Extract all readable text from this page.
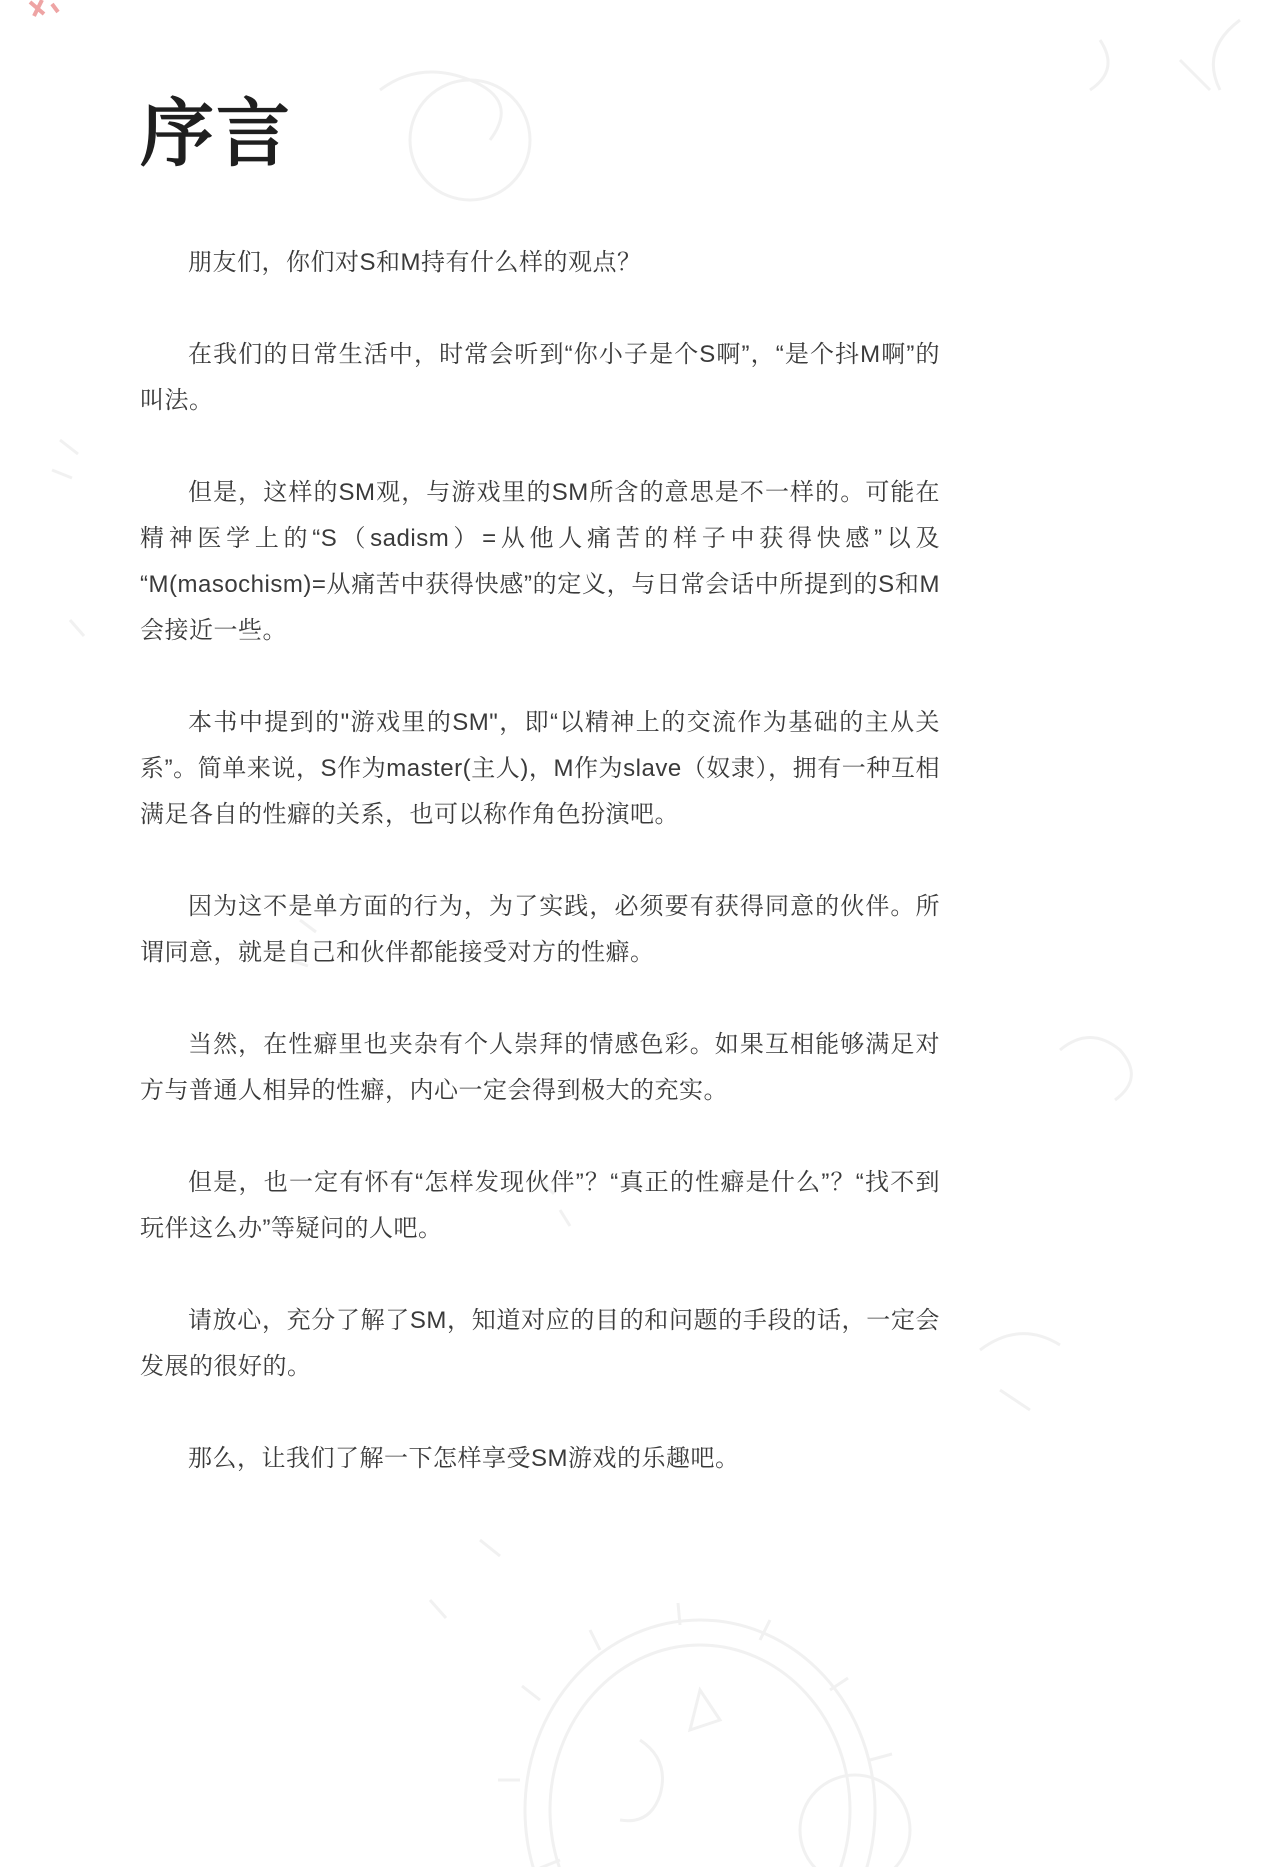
序言

朋友们，你们对S和M持有什么样的观点？

在我们的日常生活中，时常会听到“你小子是个S啊”，“是个抖M啊”的叫法。

但是，这样的SM观，与游戏里的SM所含的意思是不一样的。可能在精神医学上的“S（sadism）=从他人痛苦的样子中获得快感”以及“M(masochism)=从痛苦中获得快感”的定义，与日常会话中所提到的S和M会接近一些。

本书中提到的"游戏里的SM"，即“以精神上的交流作为基础的主从关系”。简单来说，S作为master(主人)，M作为slave（奴隶），拥有一种互相满足各自的性癖的关系，也可以称作角色扮演吧。

因为这不是单方面的行为，为了实践，必须要有获得同意的伙伴。所谓同意，就是自己和伙伴都能接受对方的性癖。

当然，在性癖里也夹杂有个人崇拜的情感色彩。如果互相能够满足对方与普通人相异的性癖，内心一定会得到极大的充实。

但是，也一定有怀有“怎样发现伙伴”？“真正的性癖是什么”？“找不到玩伴这么办”等疑问的人吧。

请放心，充分了解了SM，知道对应的目的和问题的手段的话，一定会发展的很好的。

那么，让我们了解一下怎样享受SM游戏的乐趣吧。
